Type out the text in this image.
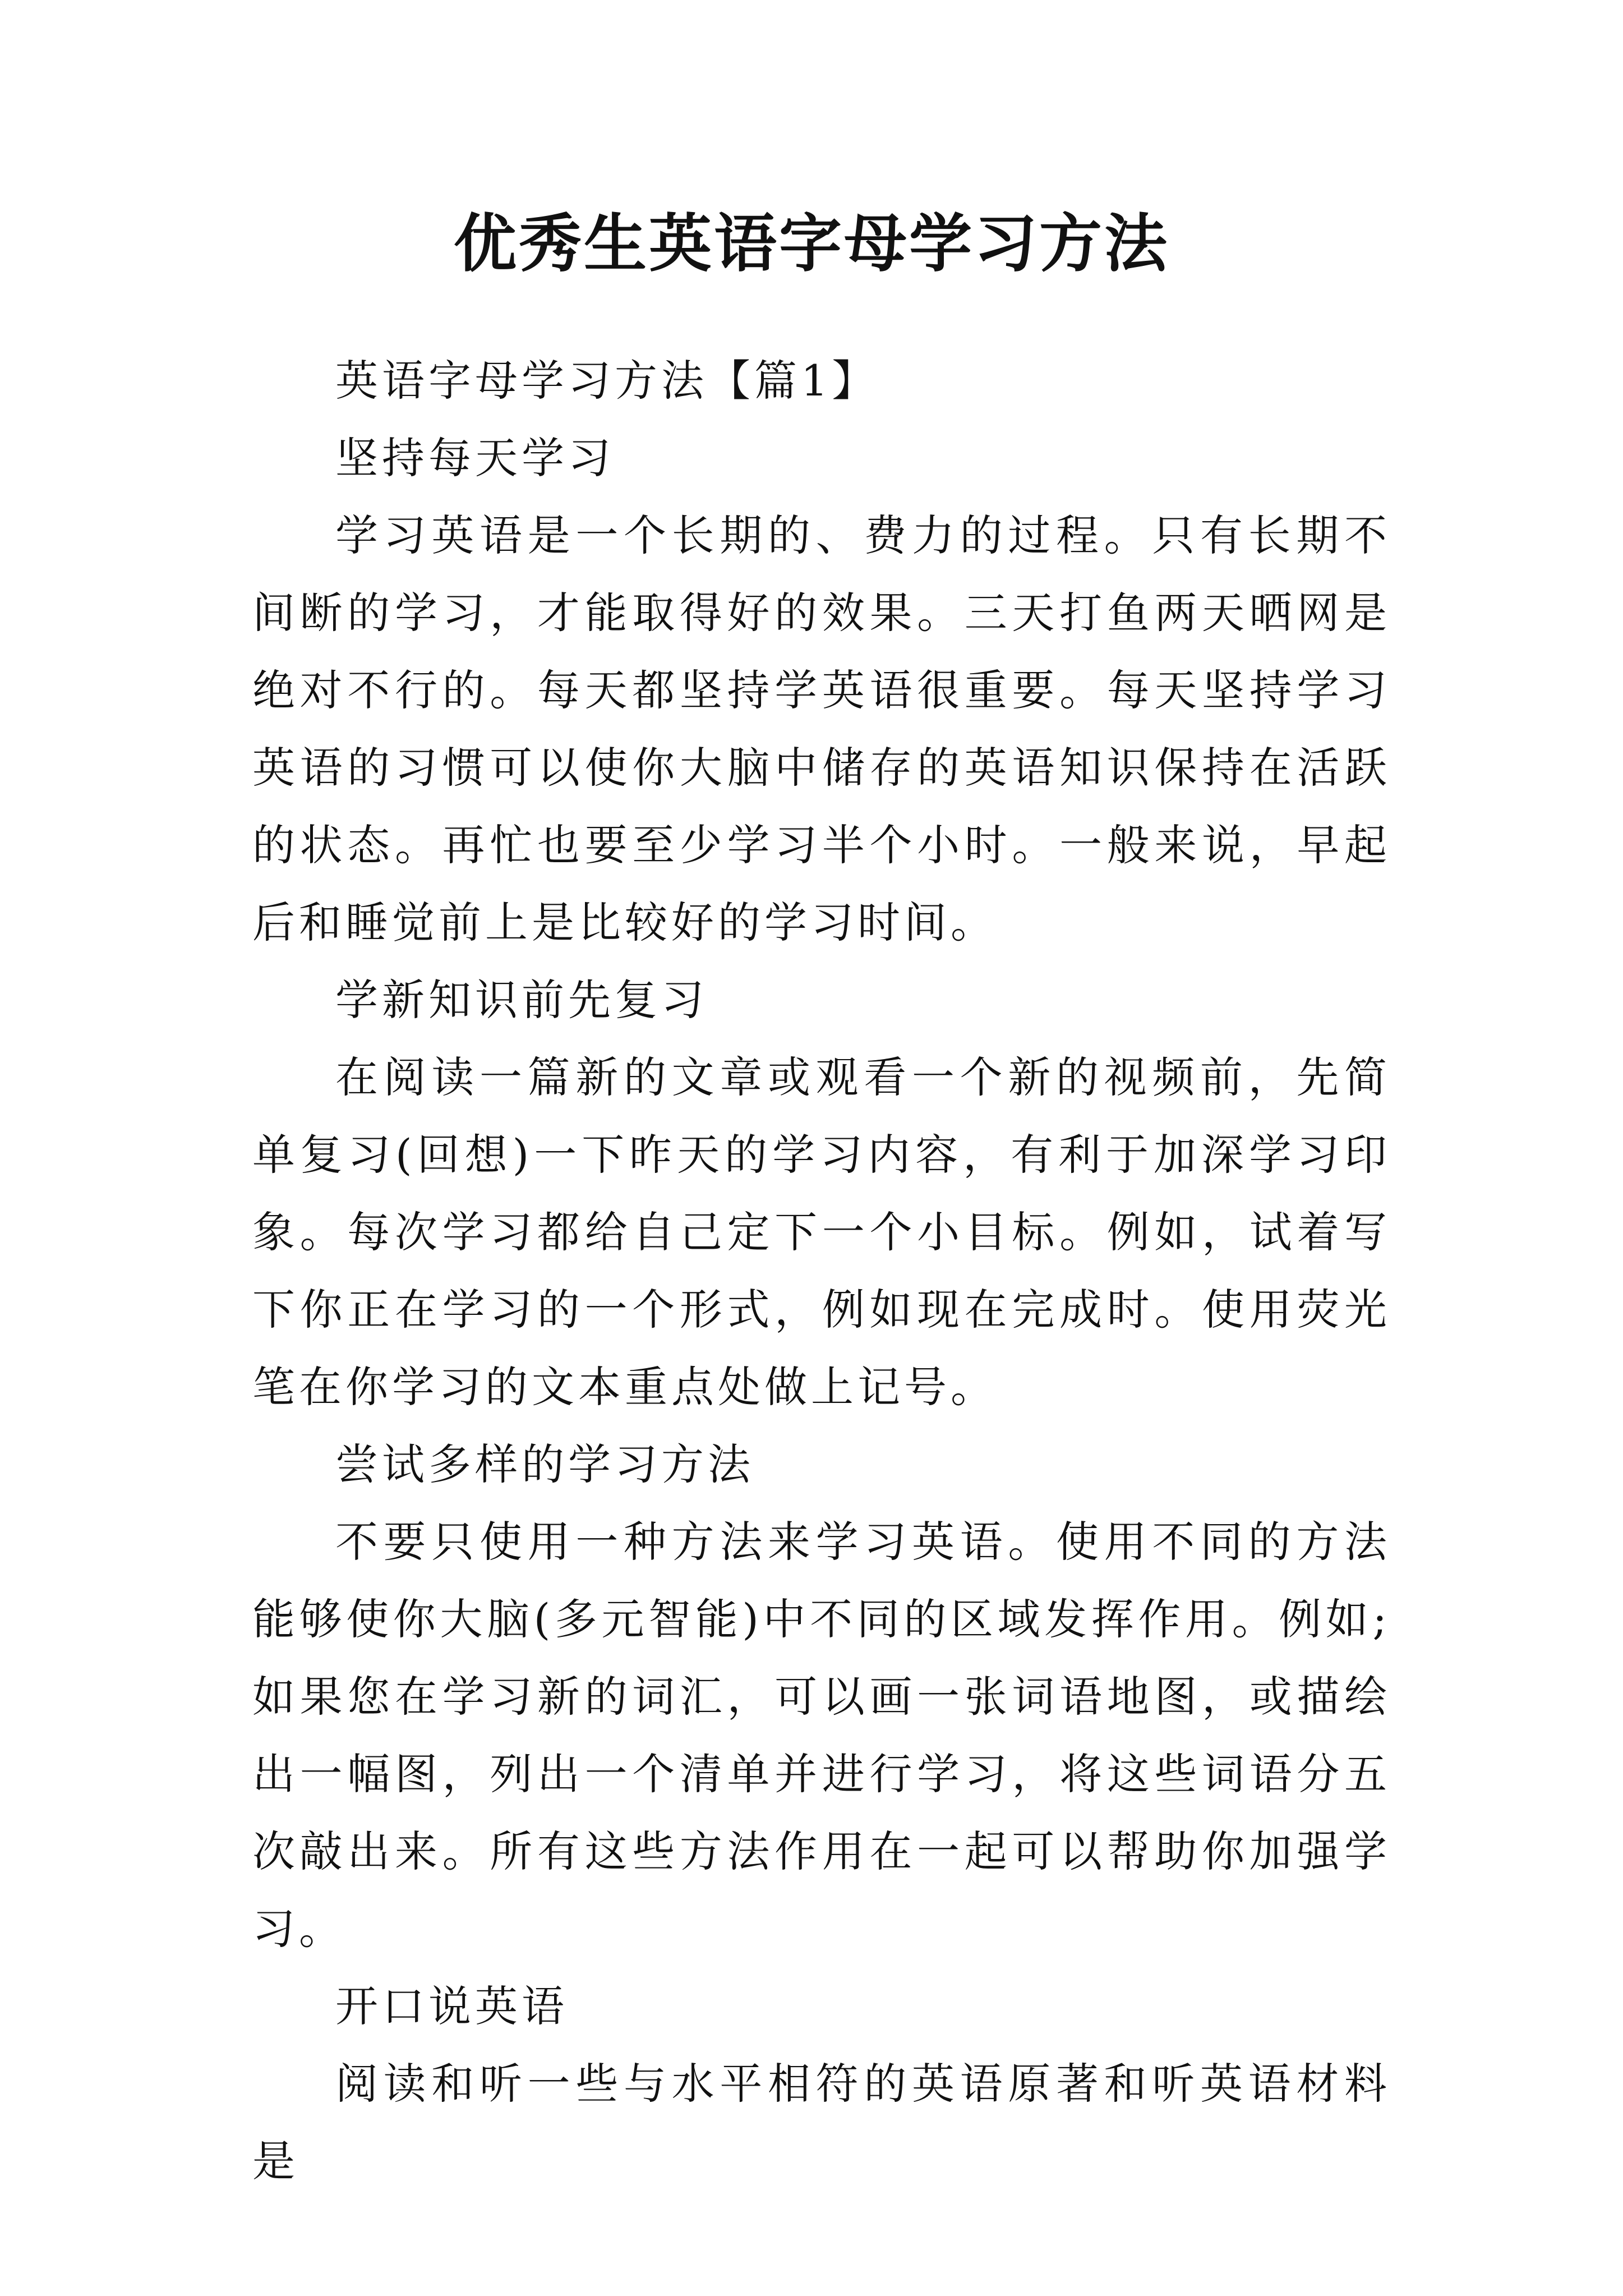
优秀生英语字母学习方法

英语字母学习方法【篇1】

坚持每天学习

学习英语是一个长期的、费力的过程。只有长期不间断的学习，才能取得好的效果。三天打鱼两天晒网是绝对不行的。每天都坚持学英语很重要。每天坚持学习英语的习惯可以使你大脑中储存的英语知识保持在活跃的状态。再忙也要至少学习半个小时。一般来说，早起后和睡觉前上是比较好的学习时间。

学新知识前先复习

在阅读一篇新的文章或观看一个新的视频前，先简单复习(回想)一下昨天的学习内容，有利于加深学习印象。每次学习都给自己定下一个小目标。例如，试着写下你正在学习的一个形式，例如现在完成时。使用荧光笔在你学习的文本重点处做上记号。

尝试多样的学习方法

不要只使用一种方法来学习英语。使用不同的方法能够使你大脑(多元智能)中不同的区域发挥作用。例如;如果您在学习新的词汇，可以画一张词语地图，或描绘出一幅图，列出一个清单并进行学习，将这些词语分五次敲出来。所有这些方法作用在一起可以帮助你加强学习。

开口说英语

阅读和听一些与水平相符的英语原著和听英语材料是
